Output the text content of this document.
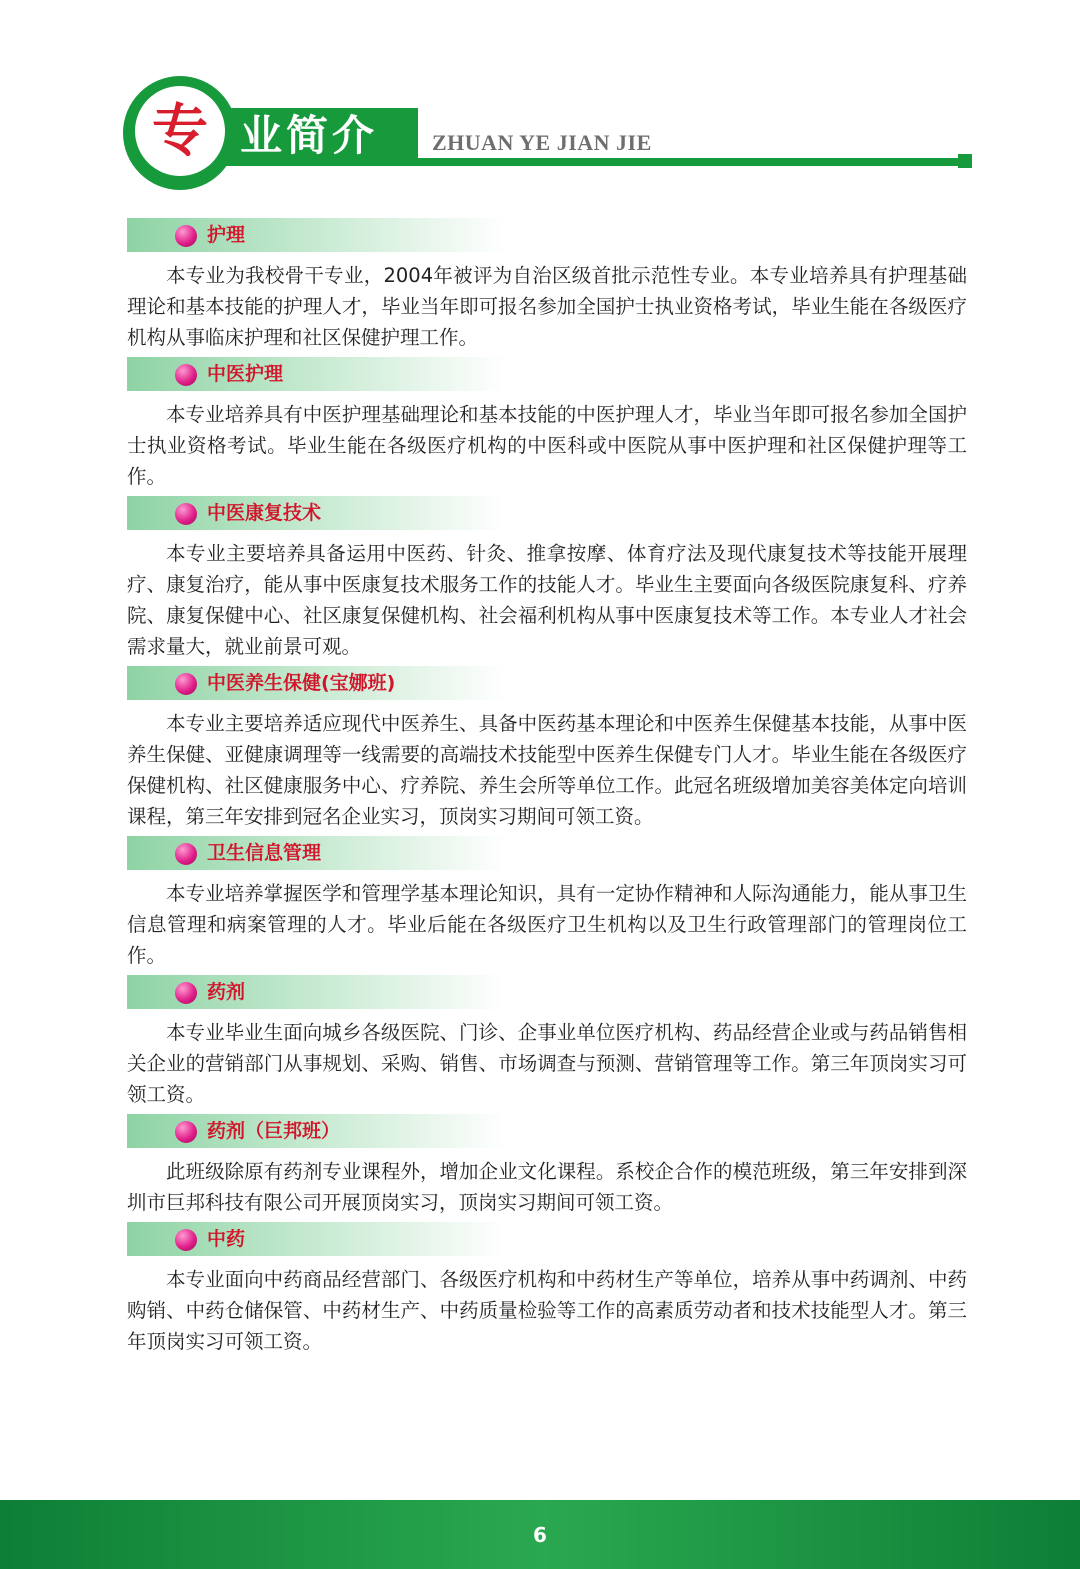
专 业简介 ZHUAN YE JIAN JIE
护理

本专业为我校骨干专业，2004年被评为自治区级首批示范性专业。本专业培养具有护理基础理论和基本技能的护理人才，毕业当年即可报名参加全国护士执业资格考试，毕业生能在各级医疗机构从事临床护理和社区保健护理工作。

中医护理

本专业培养具有中医护理基础理论和基本技能的中医护理人才，毕业当年即可报名参加全国护士执业资格考试。毕业生能在各级医疗机构的中医科或中医院从事中医护理和社区保健护理等工作。

中医康复技术

本专业主要培养具备运用中医药、针灸、推拿按摩、体育疗法及现代康复技术等技能开展理疗、康复治疗，能从事中医康复技术服务工作的技能人才。毕业生主要面向各级医院康复科、疗养院、康复保健中心、社区康复保健机构、社会福利机构从事中医康复技术等工作。本专业人才社会需求量大，就业前景可观。

中医养生保健(宝娜班)

本专业主要培养适应现代中医养生、具备中医药基本理论和中医养生保健基本技能，从事中医养生保健、亚健康调理等一线需要的高端技术技能型中医养生保健专门人才。毕业生能在各级医疗保健机构、社区健康服务中心、疗养院、养生会所等单位工作。此冠名班级增加美容美体定向培训课程，第三年安排到冠名企业实习，顶岗实习期间可领工资。

卫生信息管理

本专业培养掌握医学和管理学基本理论知识，具有一定协作精神和人际沟通能力，能从事卫生信息管理和病案管理的人才。毕业后能在各级医疗卫生机构以及卫生行政管理部门的管理岗位工作。

药剂

本专业毕业生面向城乡各级医院、门诊、企事业单位医疗机构、药品经营企业或与药品销售相关企业的营销部门从事规划、采购、销售、市场调查与预测、营销管理等工作。第三年顶岗实习可领工资。

药剂（巨邦班）

此班级除原有药剂专业课程外，增加企业文化课程。系校企合作的模范班级，第三年安排到深圳市巨邦科技有限公司开展顶岗实习，顶岗实习期间可领工资。

中药

本专业面向中药商品经营部门、各级医疗机构和中药材生产等单位，培养从事中药调剂、中药购销、中药仓储保管、中药材生产、中药质量检验等工作的高素质劳动者和技术技能型人才。第三年顶岗实习可领工资。

6
